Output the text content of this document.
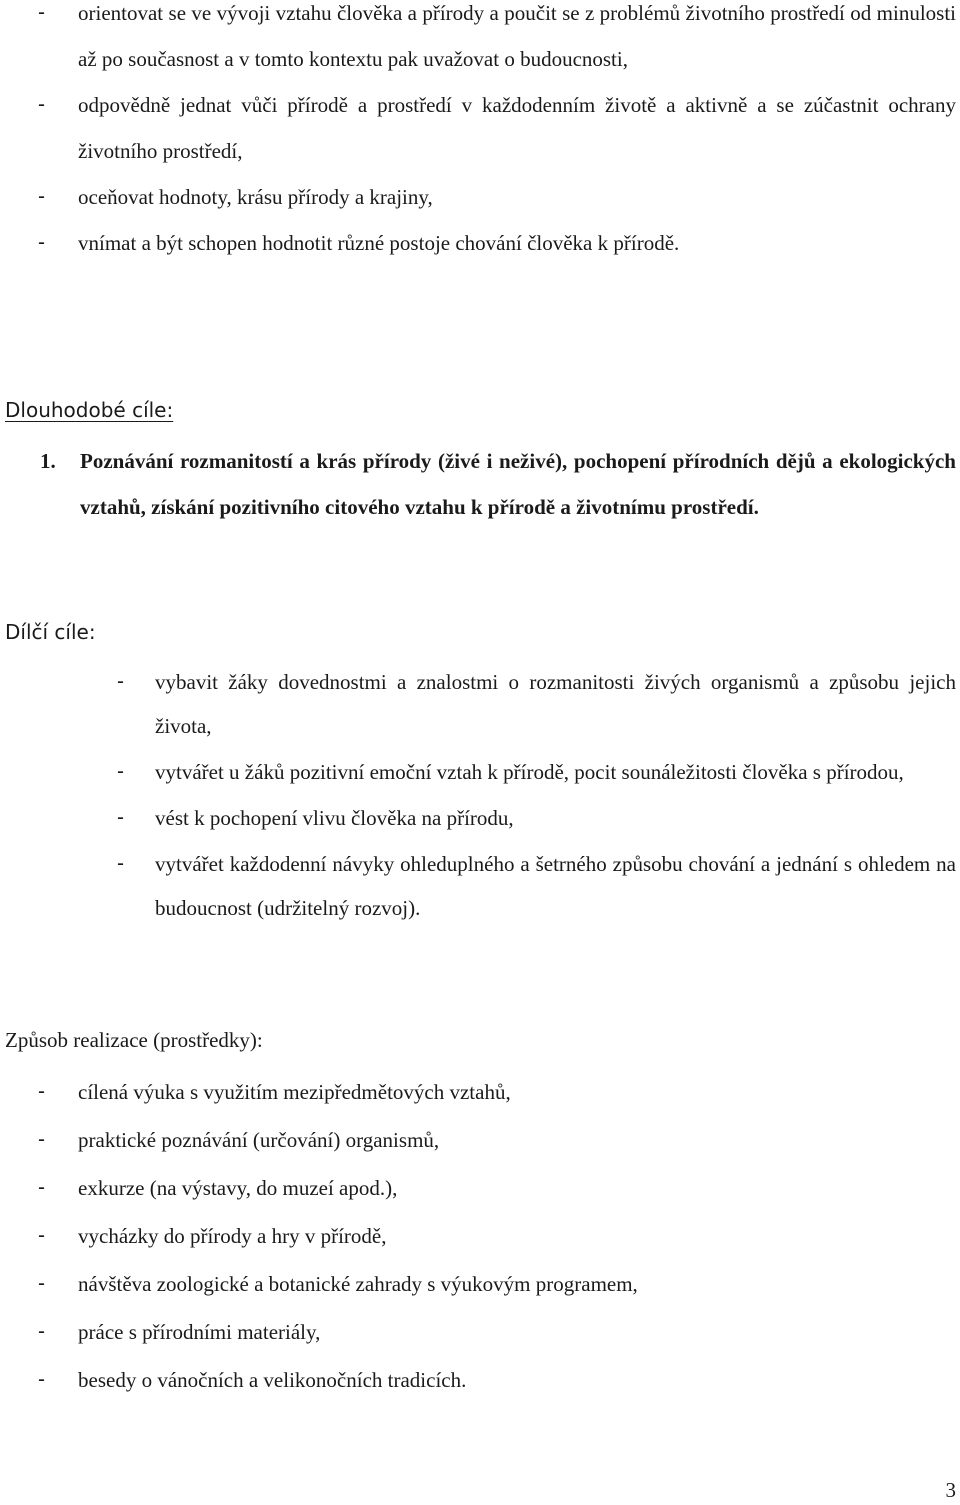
-	orientovat se ve vývoji vztahu člověka a přírody a poučit se z problémů životního prostředí od minulosti až po současnost a v tomto kontextu pak uvažovat o budoucnosti,
-	odpovědně jednat vůči přírodě a prostředí v každodenním životě a aktivně a se zúčastnit ochrany životního prostředí,
-	oceňovat hodnoty, krásu přírody a krajiny,
-	vnímat a být schopen hodnotit různé postoje chování člověka k přírodě.
Dlouhodobé cíle:
1.	Poznávání rozmanitostí a krás přírody (živé i neživé), pochopení přírodních dějů a ekologických vztahů, získání pozitivního citového vztahu k přírodě a životnímu prostředí.
Dílčí cíle:
-	vybavit žáky dovednostmi a znalostmi o rozmanitosti živých organismů a způsobu jejich života,
-	vytvářet u žáků pozitivní emoční vztah k přírodě, pocit sounáležitosti člověka s přírodou,
-	vést k pochopení vlivu člověka na přírodu,
-	vytvářet každodenní návyky ohleduplného a šetrného způsobu chování a jednání s ohledem na budoucnost (udržitelný rozvoj).
Způsob realizace (prostředky):
-	cílená výuka s využitím mezipředmětových vztahů,
-	praktické poznávání (určování) organismů,
-	exkurze (na výstavy, do muzeí apod.),
-	vycházky do přírody a hry v přírodě,
-	návštěva zoologické a botanické zahrady s výukovým programem,
-	práce s přírodními materiály,
-	besedy o vánočních a velikonočních tradicích.
3
